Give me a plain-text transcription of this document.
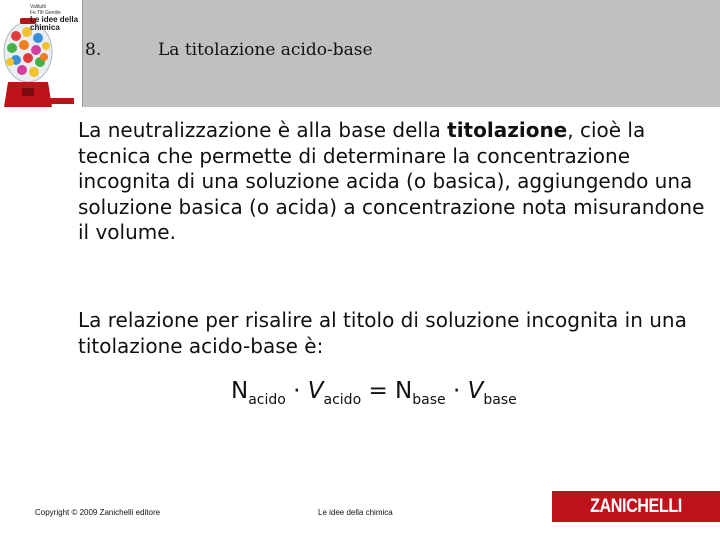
Valitutti
Fe Tifi Gentile
Le idee della
chimica
8.	La titolazione acido-base

La neutralizzazione è alla base della titolazione, cioè la tecnica che permette di determinare la concentrazione incognita di una soluzione acida (o basica), aggiungendo una soluzione basica (o acida) a concentrazione nota misurandone il volume.

La relazione per risalire al titolo di soluzione incognita in una titolazione acido-base è:

$N_{acido} \cdot V_{acido} = N_{base} \cdot V_{base}$
Copyright © 2009 Zanichelli editore	Le idee della chimica	ZANICHELLI
